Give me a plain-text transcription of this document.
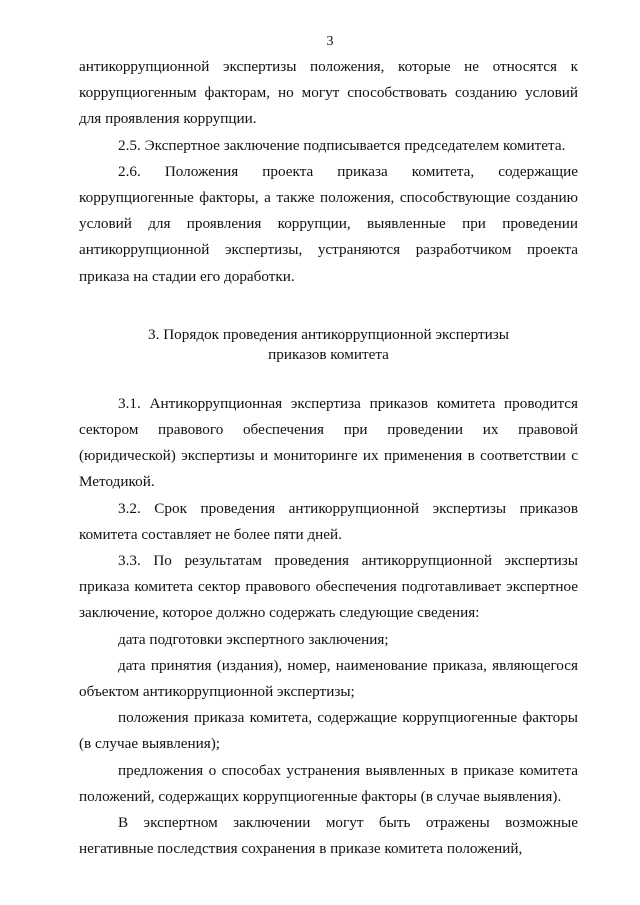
3

антикоррупционной экспертизы положения, которые не относятся к коррупциогенным факторам, но могут способствовать созданию условий для проявления коррупции.

2.5. Экспертное заключение подписывается председателем комитета.

2.6. Положения проекта приказа комитета, содержащие коррупциогенные факторы, а также положения, способствующие созданию условий для проявления коррупции, выявленные при проведении антикоррупционной экспертизы, устраняются разработчиком проекта приказа на стадии его доработки.

3. Порядок проведения антикоррупционной экспертизы
приказов комитета

3.1. Антикоррупционная экспертиза приказов комитета проводится сектором правового обеспечения при проведении их правовой (юридической) экспертизы и мониторинге их применения в соответствии с Методикой.

3.2. Срок проведения антикоррупционной экспертизы приказов комитета составляет не более пяти дней.

3.3. По результатам проведения антикоррупционной экспертизы приказа комитета сектор правового обеспечения подготавливает экспертное заключение, которое должно содержать следующие сведения:

дата подготовки экспертного заключения;

дата принятия (издания), номер, наименование приказа, являющегося объектом антикоррупционной экспертизы;

положения приказа комитета, содержащие коррупциогенные факторы (в случае выявления);

предложения о способах устранения выявленных в приказе комитета положений, содержащих коррупциогенные факторы (в случае выявления).

В экспертном заключении могут быть отражены возможные негативные последствия сохранения в приказе комитета положений,
